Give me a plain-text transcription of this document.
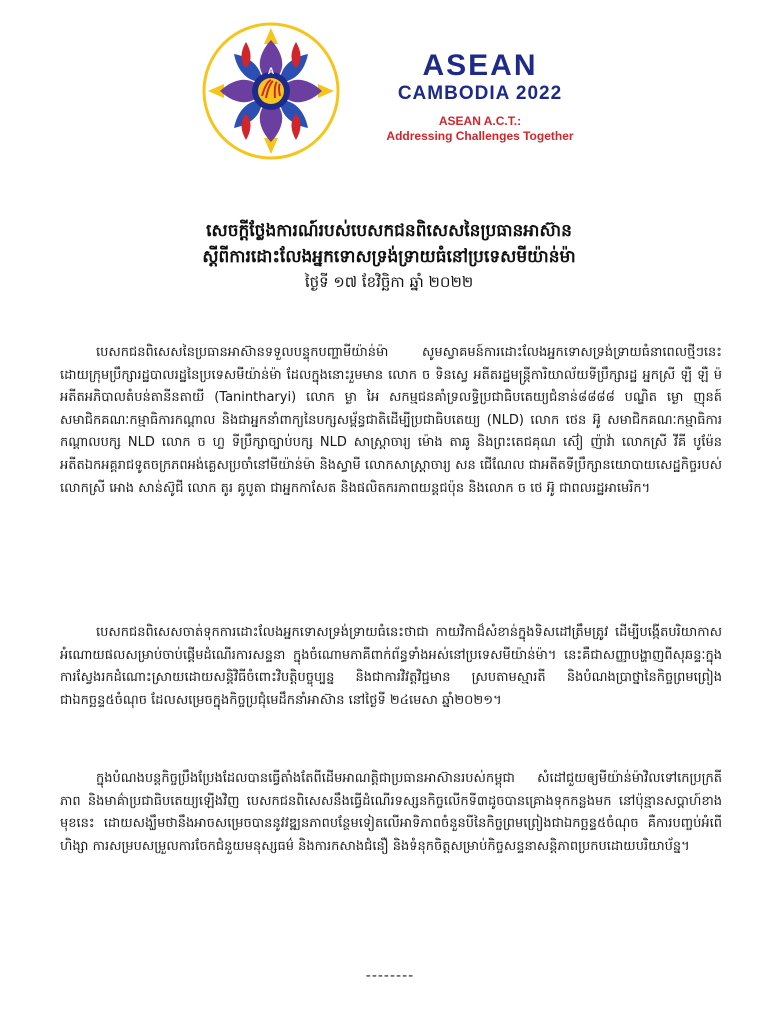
A	ASEAN
CAMBODIA 2022
ASEAN A.C.T.:
Addressing Challenges Together
សេចក្តីថ្លែងការណ៍របស់បេសកជនពិសេសនៃប្រធានអាស៊ាន
ស្តីពីការដោះលែងអ្នកទោសទ្រង់ទ្រាយធំនៅប្រទេសមីយ៉ាន់ម៉ា
ថ្ងៃទី ១៧ ខែវិច្ឆិកា ឆ្នាំ ២០២២
បេសកជនពិសេសនៃប្រធានអាស៊ានទទួលបន្ទុកបញ្ហាមីយ៉ាន់ម៉ា សូមស្វាគមន៍ការដោះលែងអ្នកទោសទ្រង់ទ្រាយធំនាពេលថ្មីៗនេះ ដោយក្រុមប្រឹក្សារដ្ឋបាលរដ្ឋនៃប្រទេសមីយ៉ាន់ម៉ា ដែលក្នុងនោះរួមមាន លោក ច ទិនស្វេ អតីតរដ្ឋមន្ត្រីការិយាល័យទីប្រឹក្សារដ្ឋ អ្នកស្រី ឡឺ ឡឺ ម៉ អតីតអភិបាលតំបន់តានីនតាយី (Tanintharyi) លោក ម្ងា អៃ សកម្មជនគាំទ្រលទ្ធិប្រជាធិបតេយ្យជំនាន់៨៨៨៨ បណ្ឌិត ម្ងោ ញុនត៍ សមាជិកគណៈកម្មាធិការកណ្តាល និងជាអ្នកនាំពាក្យនៃបក្សសម្ព័ន្ធជាតិដើម្បីប្រជាធិបតេយ្យ (NLD) លោក ថេន អ៊ូ សមាជិកគណៈកម្មាធិការកណ្តាលបក្ស NLD លោក ច ហ្ល ទីប្រឹក្សាច្បាប់បក្ស NLD សាស្ត្រាចារ្យ ម៉ោង តាឆូ និងព្រះតេជគុណ ស៊ៀ ញ៉ាវ៉ា លោកស្រី វីគី បូម៉ែន អតីតឯកអគ្គរាជទូតចក្រភពអង់គ្លេសប្រចាំនៅមីយ៉ាន់ម៉ា និងស្វាមី លោកសាស្ត្រាចារ្យ សន ជើណែល ជាអតីតទីប្រឹក្សានយោបាយសេដ្ឋកិច្ចរបស់លោកស្រី អោង សាន់ស៊ូជី លោក តូរ គូបូតា ជាអ្នកកាសែត និងផលិតករភាពយន្តជប៉ុន និងលោក ច ថេ អ៊ូ ជាពលរដ្ឋអាមេរិក។
បេសកជនពិសេសចាត់ទុកការដោះលែងអ្នកទោសទ្រង់ទ្រាយធំនេះថាជា កាយវិកាដ៏សំខាន់ក្នុងទិសដៅត្រឹមត្រូវ ដើម្បីបង្កើតបរិយាកាសអំណោយផលសម្រាប់ចាប់ផ្តើមដំណើរការសន្ទនា ក្នុងចំណោមភាគីពាក់ព័ន្ធទាំងអស់នៅប្រទេសមីយ៉ាន់ម៉ា។ នេះគឺជាសញ្ញាបង្ហាញពីសុឆន្ទៈក្នុងការស្វែងរកដំណោះស្រាយដោយសន្តិវិធីចំពោះវិបត្តិបច្ចុប្បន្ន និងជាការវិវត្តវិជ្ជមាន ស្របតាមស្មារតី និងបំណងប្រាថ្នានៃកិច្ចព្រមព្រៀងជាឯកច្ឆន្ទ៥ចំណុច ដែលសម្រេចក្នុងកិច្ចប្រជុំមេដឹកនាំអាស៊ាន នៅថ្ងៃទី ២៤មេសា ឆ្នាំ២០២១។
ក្នុងបំណងបន្តកិច្ចប្រឹងប្រែងដែលបានធ្វើតាំងតែពីដើមអាណត្តិជាប្រធានអាស៊ានរបស់កម្ពុជា សំដៅជួយឲ្យមីយ៉ាន់ម៉ាវិលទៅកេប្រក្រតីភាព និងមាគ៌ាប្រជាធិបតេយ្យឡើងវិញ បេសកជនពិសេសនឹងធ្វើដំណើរទស្សនកិច្ចលើកទី៣ដូចបានគ្រោងទុកកន្លងមក នៅប៉ុន្មានសប្តាហ៍ខាងមុខនេះ ដោយសង្ឃឹមថានឹងអាចសម្រេចបាននូវវឌ្ឍនភាពបន្ថែមទៀតលើអាទិភាពចំនួនបីនៃកិច្ចព្រមព្រៀងជាឯកច្ឆន្ទ៥ចំណុច គឺការបញ្ចប់អំពើហិង្សា ការសម្របសម្រួលការចែកជំនួយមនុស្សធម៌ និងការកសាងជំនឿ និងទំនុកចិត្តសម្រាប់កិច្ចសន្ទនាសន្តិភាពប្រកបដោយបរិយាប័ន្ន។
--------
